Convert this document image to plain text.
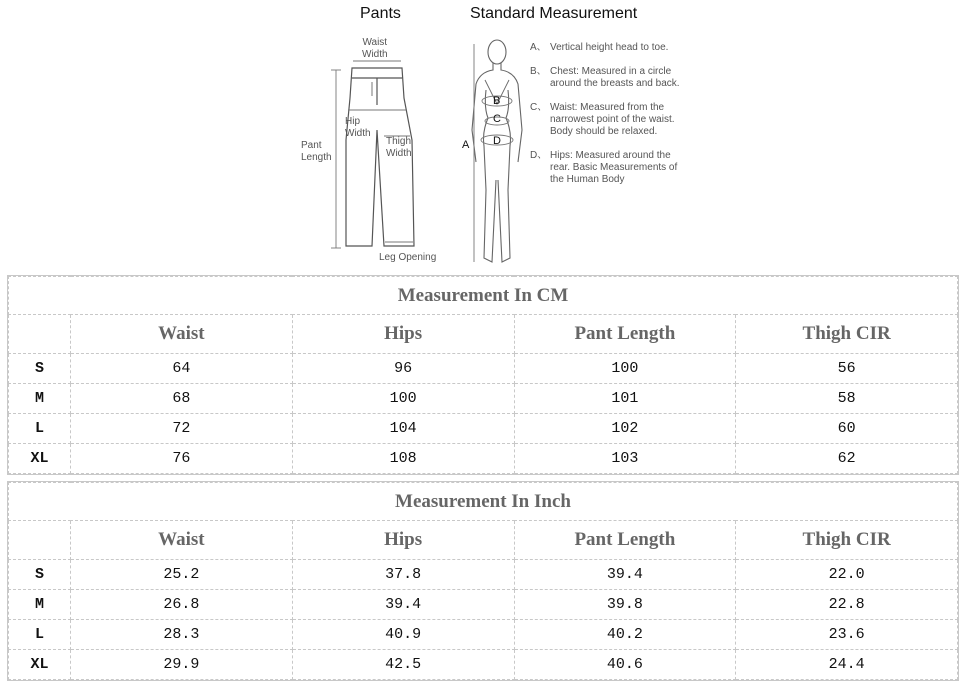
Pants	Standard Measurement
Waist
Width
Hip
Width
Thigh
Width
Pant
Length
Leg Opening
A
B
C
D
A、 Vertical height head to toe.
B、 Chest: Measured in a circle around the breasts and back.
C、 Waist: Measured from the narrowest point of the waist. Body should be relaxed.
D、 Hips: Measured around the rear. Basic Measurements of the Human Body
Measurement In CM				
	Waist	Hips	Pant Length	Thigh CIR
S	64	96	100	56
M	68	100	101	58
L	72	104	102	60
XL	76	108	103	62
Measurement In Inch				
	Waist	Hips	Pant Length	Thigh CIR
S	25.2	37.8	39.4	22.0
M	26.8	39.4	39.8	22.8
L	28.3	40.9	40.2	23.6
XL	29.9	42.5	40.6	24.4
